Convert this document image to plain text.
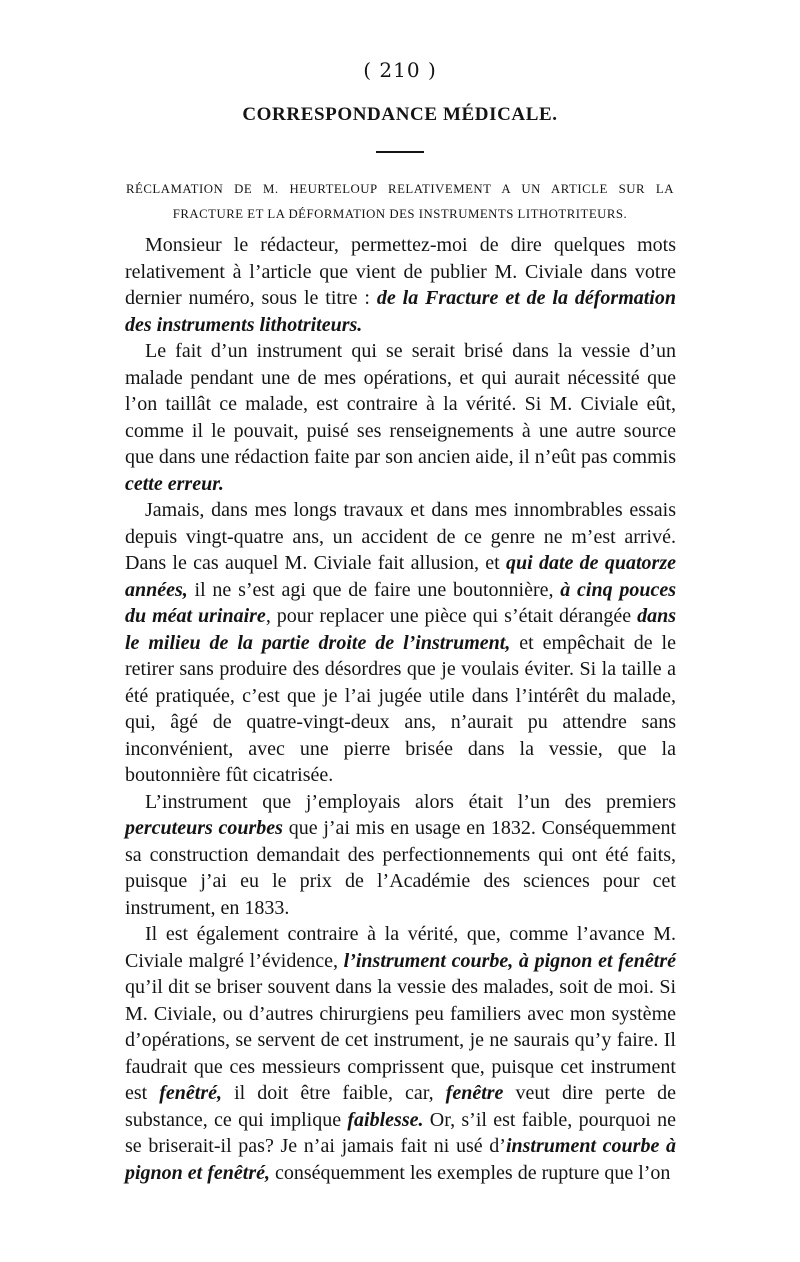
( 210 )
CORRESPONDANCE MÉDICALE.
RÉCLAMATION DE M. HEURTELOUP RELATIVEMENT A UN ARTICLE SUR LA FRACTURE ET LA DÉFORMATION DES INSTRUMENTS LITHOTRITEURS.

Monsieur le rédacteur, permettez-moi de dire quelques mots relativement à l’article que vient de publier M. Civiale dans votre dernier numéro, sous le titre : de la Fracture et de la déformation des instruments lithotriteurs.

Le fait d’un instrument qui se serait brisé dans la vessie d’un malade pendant une de mes opérations, et qui aurait nécessité que l’on taillât ce malade, est contraire à la vérité. Si M. Civiale eût, comme il le pouvait, puisé ses renseignements à une autre source que dans une rédaction faite par son ancien aide, il n’eût pas commis cette erreur.

Jamais, dans mes longs travaux et dans mes innombrables essais depuis vingt-quatre ans, un accident de ce genre ne m’est arrivé. Dans le cas auquel M. Civiale fait allusion, et qui date de quatorze années, il ne s’est agi que de faire une boutonnière, à cinq pouces du méat urinaire, pour replacer une pièce qui s’était dérangée dans le milieu de la partie droite de l’instrument, et empêchait de le retirer sans produire des désordres que je voulais éviter. Si la taille a été pratiquée, c’est que je l’ai jugée utile dans l’intérêt du malade, qui, âgé de quatre-vingt-deux ans, n’aurait pu attendre sans inconvénient, avec une pierre brisée dans la vessie, que la boutonnière fût cicatrisée.

L’instrument que j’employais alors était l’un des premiers percuteurs courbes que j’ai mis en usage en 1832. Conséquemment sa construction demandait des perfectionnements qui ont été faits, puisque j’ai eu le prix de l’Académie des sciences pour cet instrument, en 1833.

Il est également contraire à la vérité, que, comme l’avance M. Civiale malgré l’évidence, l’instrument courbe, à pignon et fenêtré qu’il dit se briser souvent dans la vessie des malades, soit de moi. Si M. Civiale, ou d’autres chirurgiens peu familiers avec mon système d’opérations, se servent de cet instrument, je ne saurais qu’y faire. Il faudrait que ces messieurs comprissent que, puisque cet instrument est fenêtré, il doit être faible, car, fenêtre veut dire perte de substance, ce qui implique faiblesse. Or, s’il est faible, pourquoi ne se briserait-il pas? Je n’ai jamais fait ni usé d’instrument courbe à pignon et fenêtré, conséquemment les exemples de rupture que l’on
